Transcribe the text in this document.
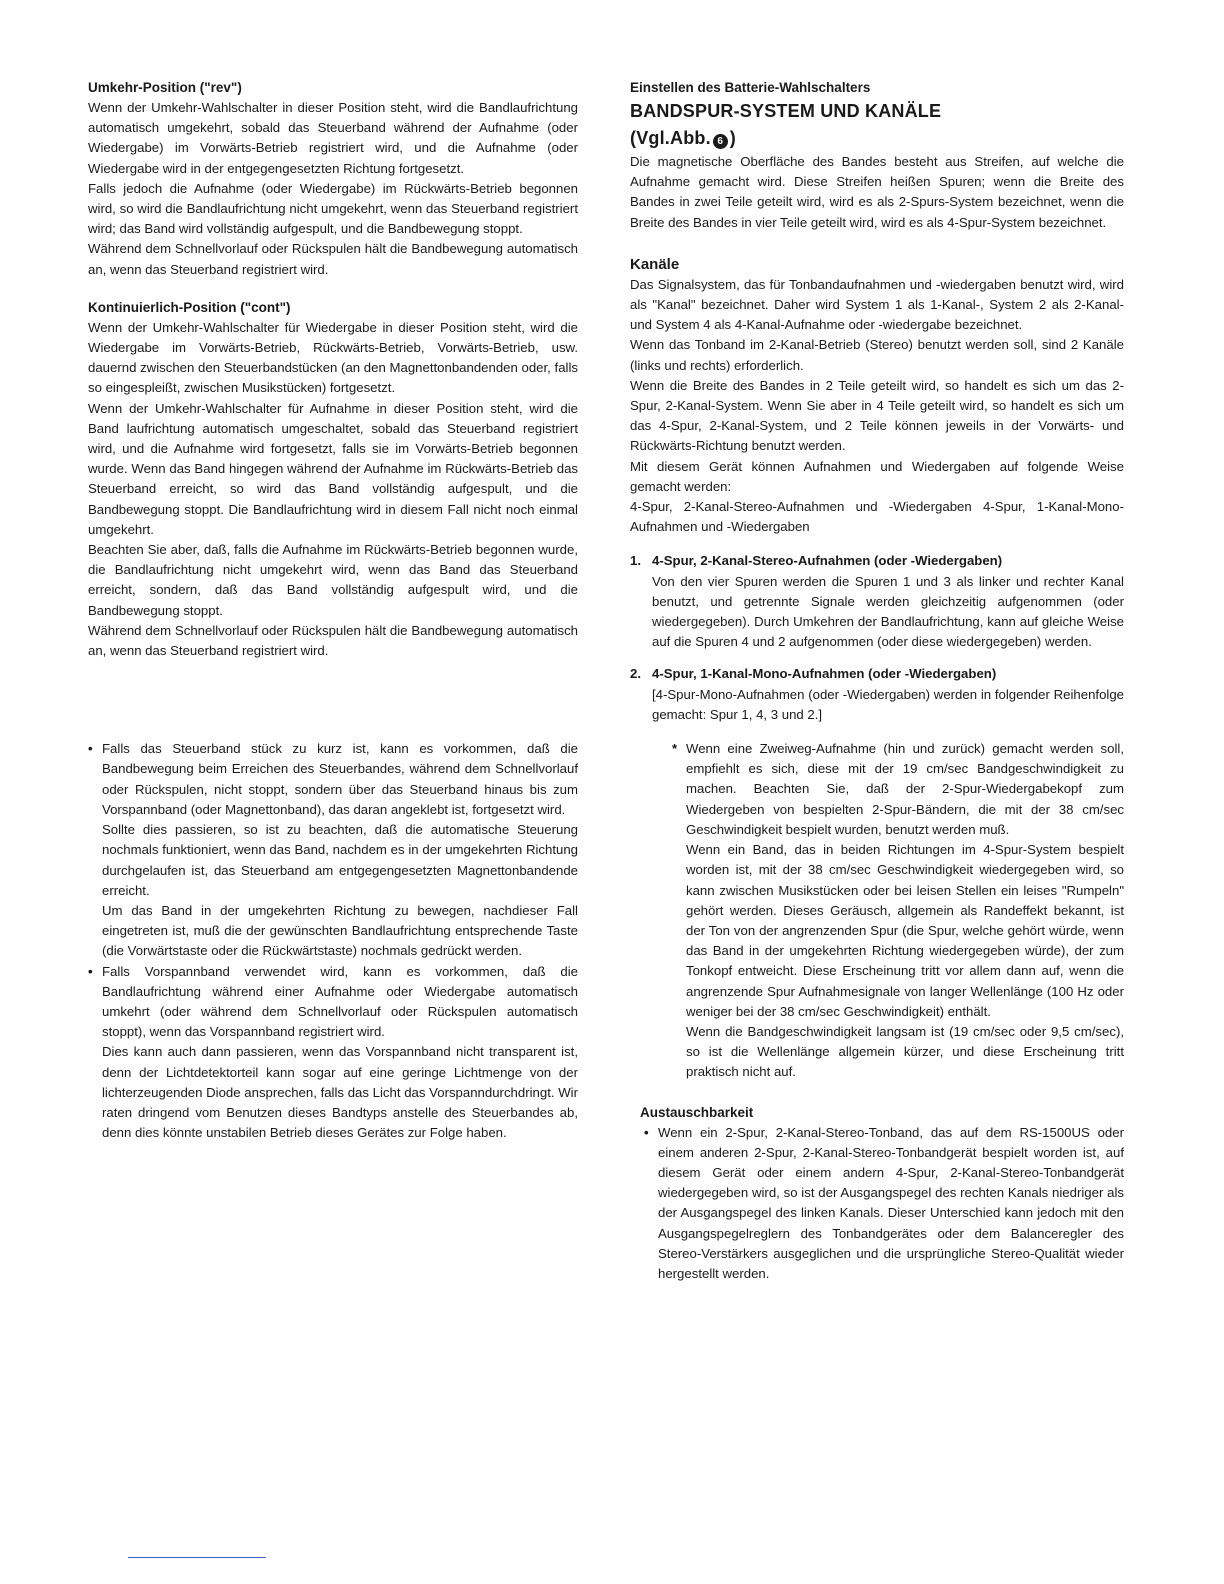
Umkehr-Position ("rev")

Wenn der Umkehr-Wahlschalter in dieser Position steht, wird die Bandlaufrichtung automatisch umgekehrt, sobald das Steuerband während der Aufnahme (oder Wiedergabe) im Vorwärts-Betrieb registriert wird, und die Aufnahme (oder Wiedergabe wird in der entgegengesetzten Richtung fortgesetzt.

Falls jedoch die Aufnahme (oder Wiedergabe) im Rückwärts-Betrieb begonnen wird, so wird die Bandlaufrichtung nicht umgekehrt, wenn das Steuerband registriert wird; das Band wird vollständig aufgespult, und die Bandbewegung stoppt.

Während dem Schnellvorlauf oder Rückspulen hält die Bandbewegung automatisch an, wenn das Steuerband registriert wird.

Kontinuierlich-Position ("cont")

Wenn der Umkehr-Wahlschalter für Wiedergabe in dieser Position steht, wird die Wiedergabe im Vorwärts-Betrieb, Rückwärts-Betrieb, Vorwärts-Betrieb, usw. dauernd zwischen den Steuerbandstücken (an den Magnettonbandenden oder, falls so eingespleißt, zwischen Musikstücken) fortgesetzt.

Wenn der Umkehr-Wahlschalter für Aufnahme in dieser Position steht, wird die Band laufrichtung automatisch umgeschaltet, sobald das Steuerband registriert wird, und die Aufnahme wird fortgesetzt, falls sie im Vorwärts-Betrieb begonnen wurde. Wenn das Band hingegen während der Aufnahme im Rückwärts-Betrieb das Steuerband erreicht, so wird das Band vollständig aufgespult, und die Bandbewegung stoppt. Die Bandlaufrichtung wird in diesem Fall nicht noch einmal umgekehrt.

Beachten Sie aber, daß, falls die Aufnahme im Rückwärts-Betrieb begonnen wurde, die Bandlaufrichtung nicht umgekehrt wird, wenn das Band das Steuerband erreicht, sondern, daß das Band vollständig aufgespult wird, und die Bandbewegung stoppt.

Während dem Schnellvorlauf oder Rückspulen hält die Bandbewegung automatisch an, wenn das Steuerband registriert wird.

• Falls das Steuerband stück zu kurz ist, kann es vorkommen, daß die Bandbewegung beim Erreichen des Steuerbandes, während dem Schnellvorlauf oder Rückspulen, nicht stoppt, sondern über das Steuerband hinaus bis zum Vorspannband (oder Magnettonband), das daran angeklebt ist, fortgesetzt wird.

Sollte dies passieren, so ist zu beachten, daß die automatische Steuerung nochmals funktioniert, wenn das Band, nachdem es in der umgekehrten Richtung durchgelaufen ist, das Steuerband am entgegengesetzten Magnettonbandende erreicht.

Um das Band in der umgekehrten Richtung zu bewegen, nachdieser Fall eingetreten ist, muß die der gewünschten Bandlaufrichtung entsprechende Taste (die Vorwärtstaste oder die Rückwärtstaste) nochmals gedrückt werden.

• Falls Vorspannband verwendet wird, kann es vorkommen, daß die Bandlaufrichtung während einer Aufnahme oder Wiedergabe automatisch umkehrt (oder während dem Schnellvorlauf oder Rückspulen automatisch stoppt), wenn das Vorspannband registriert wird.

Dies kann auch dann passieren, wenn das Vorspannband nicht transparent ist, denn der Lichtdetektorteil kann sogar auf eine geringe Lichtmenge von der lichterzeugenden Diode ansprechen, falls das Licht das Vorspanndurchdringt. Wir raten dringend vom Benutzen dieses Bandtyps anstelle des Steuerbandes ab, denn dies könnte unstabilen Betrieb dieses Gerätes zur Folge haben.

Einstellen des Batterie-Wahlschalters
BANDSPUR-SYSTEM UND KANÄLE
(Vgl.Abb. 6 )

Die magnetische Oberfläche des Bandes besteht aus Streifen, auf welche die Aufnahme gemacht wird. Diese Streifen heißen Spuren; wenn die Breite des Bandes in zwei Teile geteilt wird, wird es als 2-Spurs-System bezeichnet, wenn die Breite des Bandes in vier Teile geteilt wird, wird es als 4-Spur-System bezeichnet.

Kanäle

Das Signalsystem, das für Tonbandaufnahmen und -wiedergaben benutzt wird, wird als "Kanal" bezeichnet. Daher wird System 1 als 1-Kanal-, System 2 als 2-Kanal- und System 4 als 4-Kanal-Aufnahme oder -wiedergabe bezeichnet.

Wenn das Tonband im 2-Kanal-Betrieb (Stereo) benutzt werden soll, sind 2 Kanäle (links und rechts) erforderlich.

Wenn die Breite des Bandes in 2 Teile geteilt wird, so handelt es sich um das 2-Spur, 2-Kanal-System. Wenn Sie aber in 4 Teile geteilt wird, so handelt es sich um das 4-Spur, 2-Kanal-System, und 2 Teile können jeweils in der Vorwärts- und Rückwärts-Richtung benutzt werden.

Mit diesem Gerät können Aufnahmen und Wiedergaben auf folgende Weise gemacht werden:

4-Spur, 2-Kanal-Stereo-Aufnahmen und -Wiedergaben 4-Spur, 1-Kanal-Mono-Aufnahmen und -Wiedergaben

1. 4-Spur, 2-Kanal-Stereo-Aufnahmen (oder -Wiedergaben)

Von den vier Spuren werden die Spuren 1 und 3 als linker und rechter Kanal benutzt, und getrennte Signale werden gleichzeitig aufgenommen (oder wiedergegeben). Durch Umkehren der Bandlaufrichtung, kann auf gleiche Weise auf die Spuren 4 und 2 aufgenommen (oder diese wiedergegeben) werden.

2. 4-Spur, 1-Kanal-Mono-Aufnahmen (oder -Wiedergaben)

[4-Spur-Mono-Aufnahmen (oder -Wiedergaben) werden in folgender Reihenfolge gemacht: Spur 1, 4, 3 und 2.]

* Wenn eine Zweiweg-Aufnahme (hin und zurück) gemacht werden soll, empfiehlt es sich, diese mit der 19 cm/sec Bandgeschwindigkeit zu machen. Beachten Sie, daß der 2-Spur-Wiedergabekopf zum Wiedergeben von bespielten 2-Spur-Bändern, die mit der 38 cm/sec Geschwindigkeit bespielt wurden, benutzt werden muß.

Wenn ein Band, das in beiden Richtungen im 4-Spur-System bespielt worden ist, mit der 38 cm/sec Geschwindigkeit wiedergegeben wird, so kann zwischen Musikstücken oder bei leisen Stellen ein leises "Rumpeln" gehört werden. Dieses Geräusch, allgemein als Randeffekt bekannt, ist der Ton von der angrenzenden Spur (die Spur, welche gehört würde, wenn das Band in der umgekehrten Richtung wiedergegeben würde), der zum Tonkopf entweicht. Diese Erscheinung tritt vor allem dann auf, wenn die angrenzende Spur Aufnahmesignale von langer Wellenlänge (100 Hz oder weniger bei der 38 cm/sec Geschwindigkeit) enthält.

Wenn die Bandgeschwindigkeit langsam ist (19 cm/sec oder 9,5 cm/sec), so ist die Wellenlänge allgemein kürzer, und diese Erscheinung tritt praktisch nicht auf.

Austauschbarkeit
• Wenn ein 2-Spur, 2-Kanal-Stereo-Tonband, das auf dem RS-1500US oder einem anderen 2-Spur, 2-Kanal-Stereo-Tonbandgerät bespielt worden ist, auf diesem Gerät oder einem andern 4-Spur, 2-Kanal-Stereo-Tonbandgerät wiedergegeben wird, so ist der Ausgangspegel des rechten Kanals niedriger als der Ausgangspegel des linken Kanals. Dieser Unterschied kann jedoch mit den Ausgangspegelreglern des Tonbandgerätes oder dem Balanceregler des Stereo-Verstärkers ausgeglichen und die ursprüngliche Stereo-Qualität wieder hergestellt werden.
